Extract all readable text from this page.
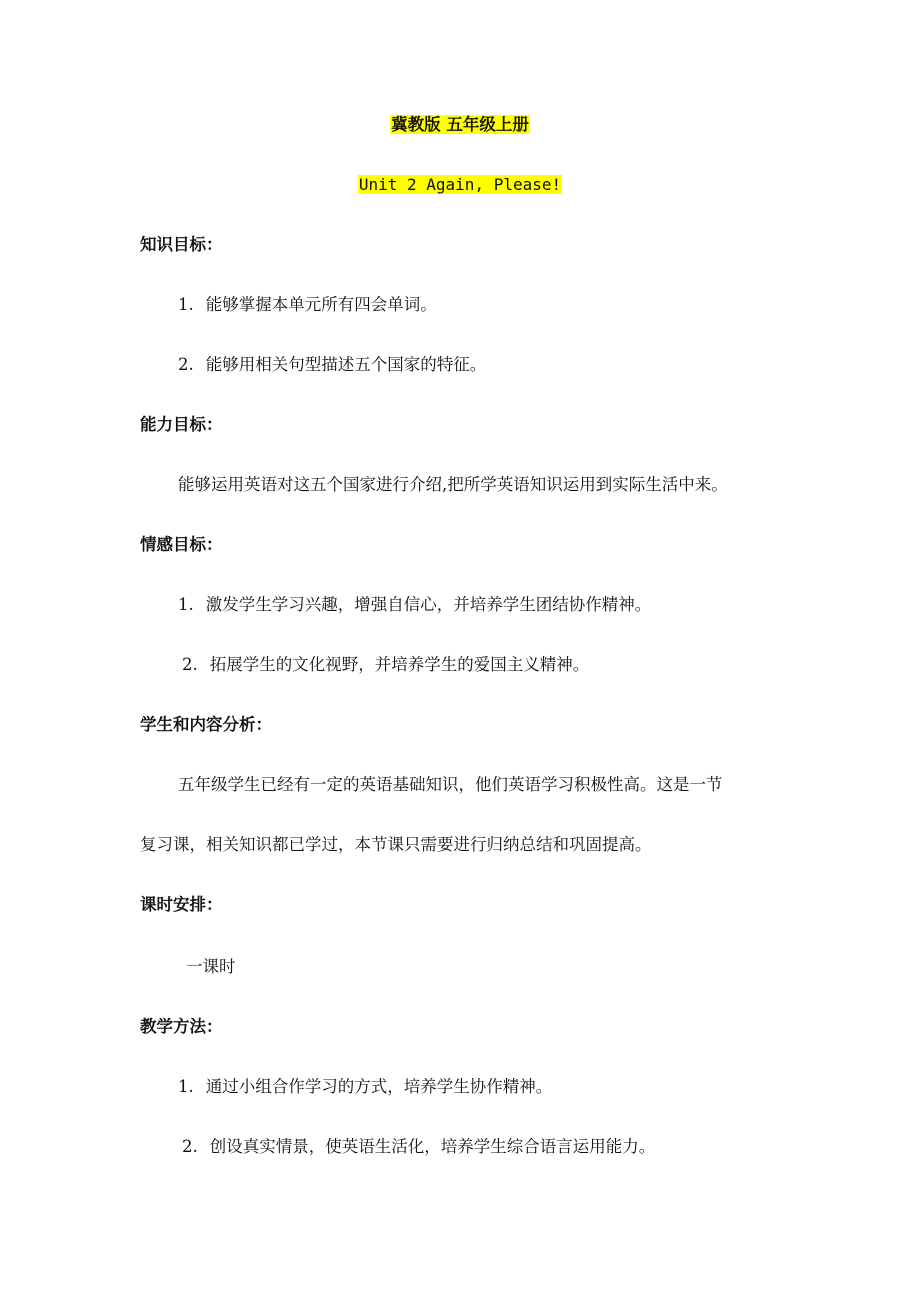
冀教版 五年级上册
Unit 2 Again, Please!
知识目标：
1. 能够掌握本单元所有四会单词。
2. 能够用相关句型描述五个国家的特征。
能力目标：
能够运用英语对这五个国家进行介绍,把所学英语知识运用到实际生活中来。
情感目标：
1. 激发学生学习兴趣，增强自信心，并培养学生团结协作精神。
2. 拓展学生的文化视野，并培养学生的爱国主义精神。
学生和内容分析：
五年级学生已经有一定的英语基础知识，他们英语学习积极性高。这是一节
复习课，相关知识都已学过，本节课只需要进行归纳总结和巩固提高。
课时安排：
一课时
教学方法：
1. 通过小组合作学习的方式，培养学生协作精神。
2. 创设真实情景，使英语生活化，培养学生综合语言运用能力。
